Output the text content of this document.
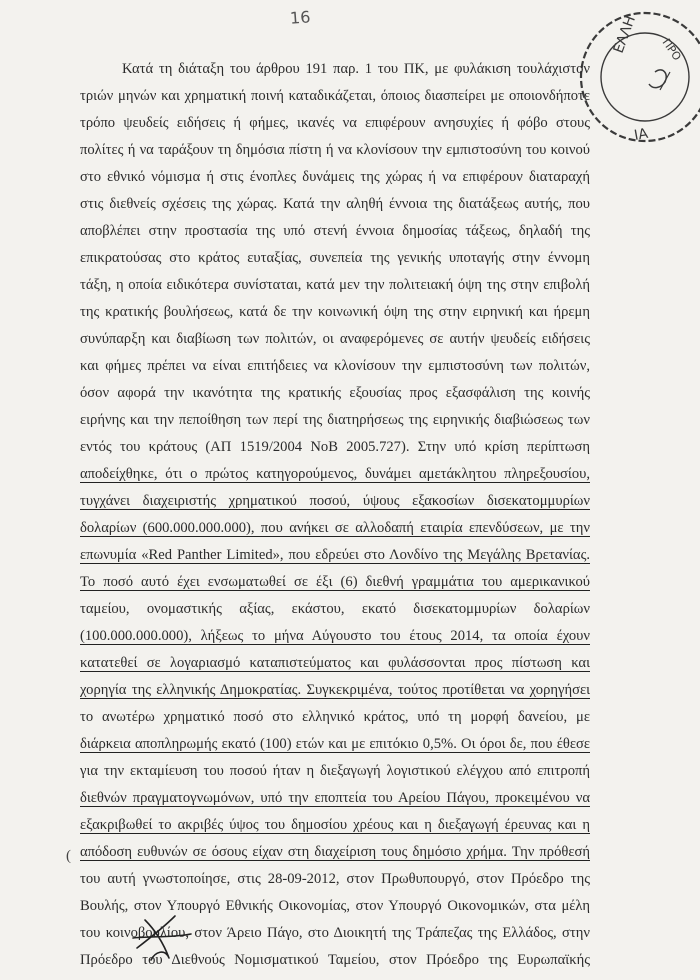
16	ΕΛΛΗ ΠΡΟ
ΙΑ
Κατά τη διάταξη του άρθρου 191 παρ. 1 του ΠΚ, με φυλάκιση τουλάχιστον
τριών μηνών και χρηματική ποινή καταδικάζεται, όποιος διασπείρει με οποιονδήποτε
τρόπο ψευδείς ειδήσεις ή φήμες, ικανές να επιφέρουν ανησυχίες ή φόβο στους
πολίτες ή να ταράξουν τη δημόσια πίστη ή να κλονίσουν την εμπιστοσύνη του κοινού
στο εθνικό νόμισμα ή στις ένοπλες δυνάμεις της χώρας ή να επιφέρουν διαταραχή
στις διεθνείς σχέσεις της χώρας. Κατά την αληθή έννοια της διατάξεως αυτής, που
αποβλέπει στην προστασία της υπό στενή έννοια δημοσίας τάξεως, δηλαδή της
επικρατούσας στο κράτος ευταξίας, συνεπεία της γενικής υποταγής στην έννομη
τάξη, η οποία ειδικότερα συνίσταται, κατά μεν την πολιτειακή όψη της στην επιβολή
της κρατικής βουλήσεως, κατά δε την κοινωνική όψη της στην ειρηνική και ήρεμη
συνύπαρξη και διαβίωση των πολιτών, οι αναφερόμενες σε αυτήν ψευδείς ειδήσεις
και φήμες πρέπει να είναι επιτήδειες να κλονίσουν την εμπιστοσύνη των πολιτών,
όσον αφορά την ικανότητα της κρατικής εξουσίας προς εξασφάλιση της κοινής
ειρήνης και την πεποίθηση των περί της διατηρήσεως της ειρηνικής διαβιώσεως των
εντός του κράτους (ΑΠ 1519/2004 ΝοΒ 2005.727). Στην υπό κρίση περίπτωση
αποδείχθηκε, ότι ο πρώτος κατηγορούμενος, δυνάμει αμετάκλητου πληρεξουσίου,
τυγχάνει διαχειριστής χρηματικού ποσού, ύψους εξακοσίων δισεκατομμυρίων
δολαρίων (600.000.000.000), που ανήκει σε αλλοδαπή εταιρία επενδύσεων, με την
επωνυμία «Red Panther Limited», που εδρεύει στο Λονδίνο της Μεγάλης Βρετανίας.
Το ποσό αυτό έχει ενσωματωθεί σε έξι (6) διεθνή γραμμάτια του αμερικανικού
ταμείου, ονομαστικής αξίας, εκάστου, εκατό δισεκατομμυρίων δολαρίων
(100.000.000.000), λήξεως το μήνα Αύγουστο του έτους 2014, τα οποία έχουν
κατατεθεί σε λογαριασμό καταπιστεύματος και φυλάσσονται προς πίστωση και
χορηγία της ελληνικής Δημοκρατίας. Συγκεκριμένα, τούτος προτίθεται να χορηγήσει
το ανωτέρω χρηματικό ποσό στο ελληνικό κράτος, υπό τη μορφή δανείου, με
διάρκεια αποπληρωμής εκατό (100) ετών και με επιτόκιο 0,5%. Οι όροι δε, που έθεσε
για την εκταμίευση του ποσού ήταν η διεξαγωγή λογιστικού ελέγχου από επιτροπή
διεθνών πραγματογνωμόνων, υπό την εποπτεία του Αρείου Πάγου, προκειμένου να
εξακριβωθεί το ακριβές ύψος του δημοσίου χρέους και η διεξαγωγή έρευνας και η
απόδοση ευθυνών σε όσους είχαν στη διαχείριση τους δημόσιο χρήμα. Την πρόθεσή
του αυτή γνωστοποίησε, στις 28-09-2012, στον Πρωθυπουργό, στον Πρόεδρο της
Βουλής, στον Υπουργό Εθνικής Οικονομίας, στον Υπουργό Οικονομικών, στα μέλη
του κοινοβουλίου, στον Άρειο Πάγο, στο Διοικητή της Τράπεζας της Ελλάδος, στην
Πρόεδρο του Διεθνούς Νομισματικού Ταμείου, στον Πρόεδρο της Ευρωπαϊκής
(
